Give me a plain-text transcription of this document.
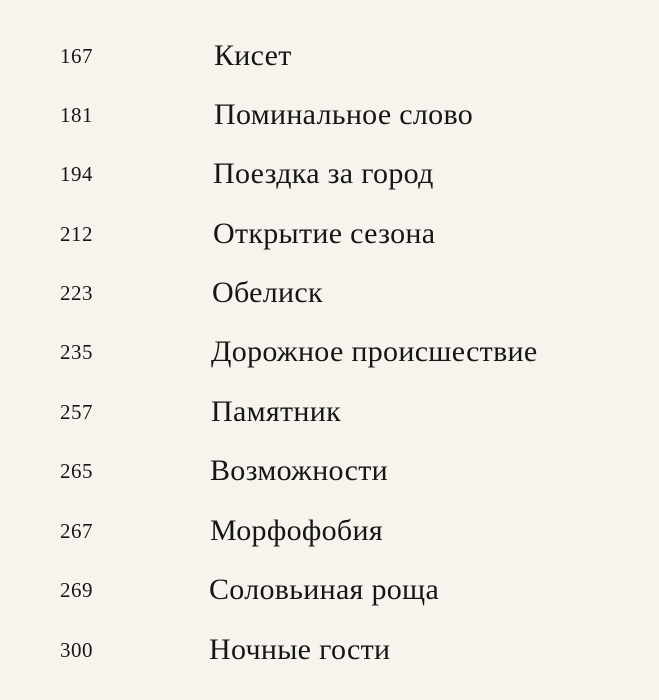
167	Кисет
181	Поминальное слово
194	Поездка за город
212	Открытие сезона
223	Обелиск
235	Дорожное происшествие
257	Памятник
265	Возможности
267	Морфофобия
269	Соловьиная роща
300	Ночные гости
